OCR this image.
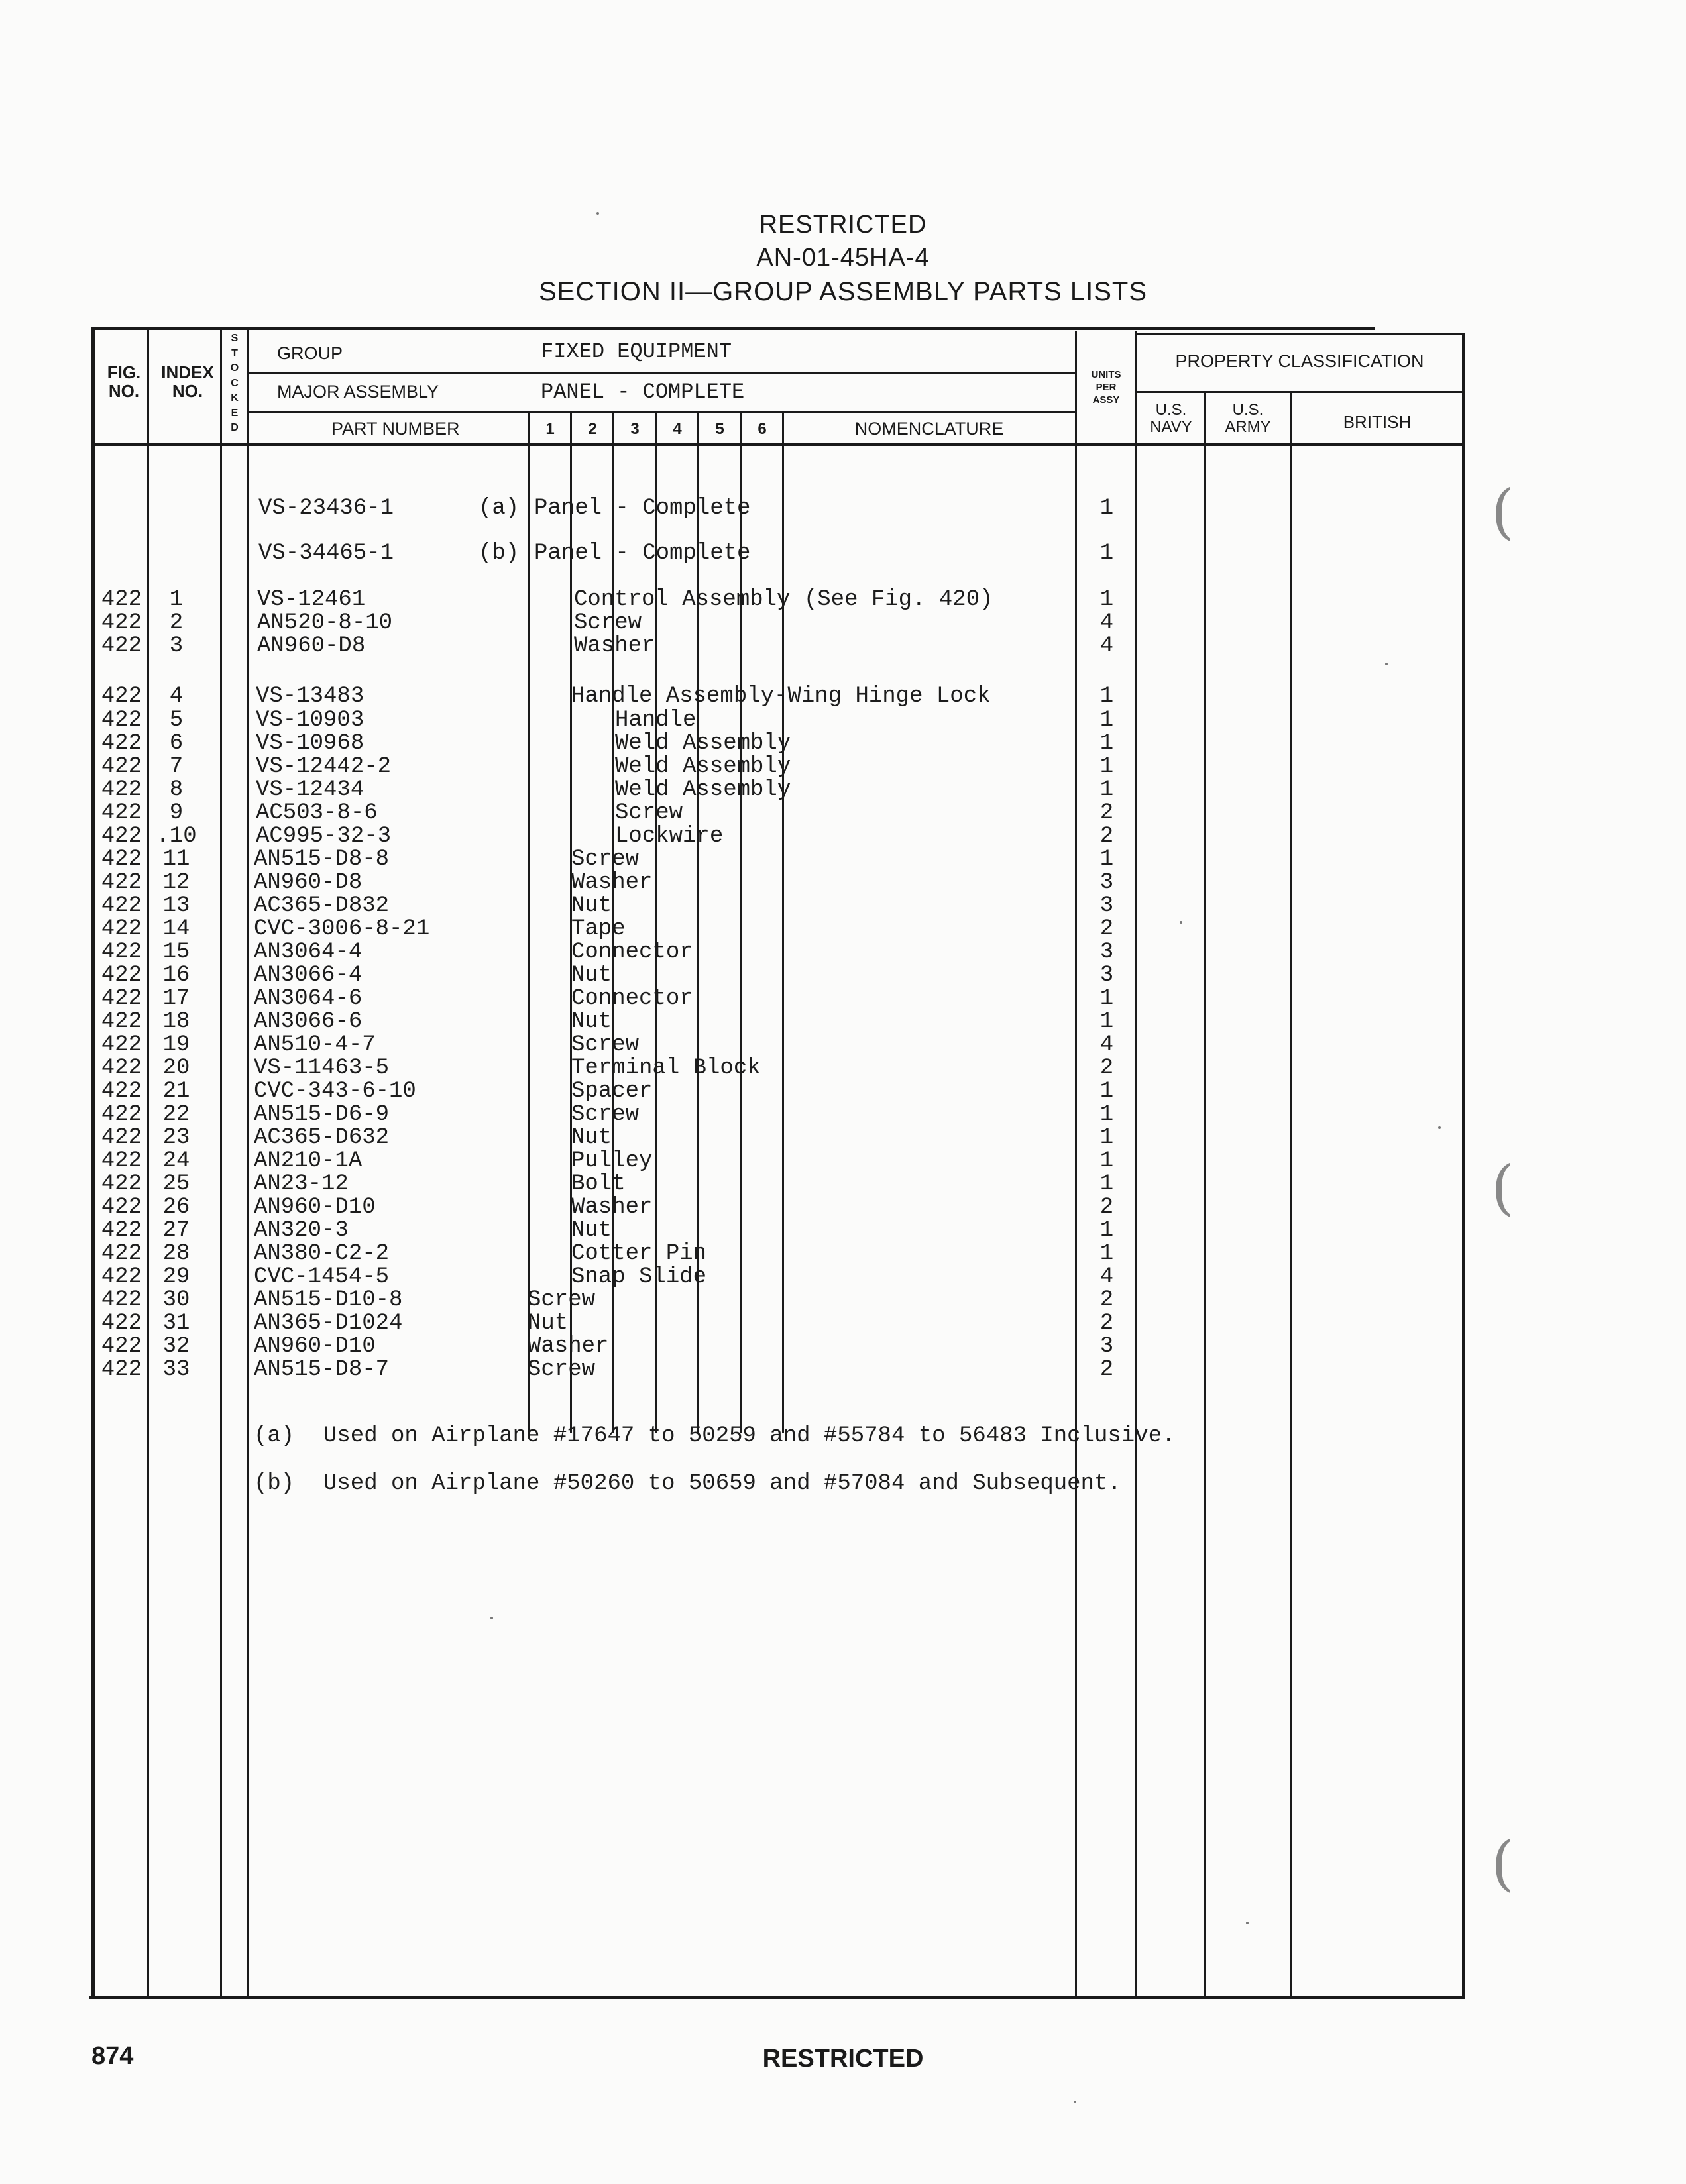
RESTRICTED
AN-01-45HA-4
SECTION II—GROUP ASSEMBLY PARTS LISTS
FIG.
NO.
INDEX
NO.
S
T
O
C
K
E
D
GROUP	FIXED EQUIPMENT
MAJOR ASSEMBLY	PANEL - COMPLETE
PART NUMBER	1	2	3	4	5	6	NOMENCLATURE
UNITS
PER
ASSY
PROPERTY CLASSIFICATION
U.S.
NAVY
U.S.
ARMY	BRITISH
VS-23436-1	(a) Panel - Complete	1
VS-34465-1	(b) Panel - Complete	1
422	1	VS-12461	Control Assembly (See Fig. 420)	1
422	2	AN520-8-10	Screw	4
422	3	AN960-D8	Washer	4
422	4	VS-13483	Handle Assembly-Wing Hinge Lock	1
422	5	VS-10903	Handle	1
422	6	VS-10968	Weld Assembly	1
422	7	VS-12442-2	Weld Assembly	1
422	8	VS-12434	Weld Assembly	1
422	9	AC503-8-6	Screw	2
422 .10	AC995-32-3	Lockwire	2
422 11	AN515-D8-8	Screw	1
422 12	AN960-D8	Washer	3
422 13	AC365-D832	Nut	3
422 14	CVC-3006-8-21	Tape	2
422 15	AN3064-4	Connector	3
422 16	AN3066-4	Nut	3
422 17	AN3064-6	Connector	1
422 18	AN3066-6	Nut	1
422 19	AN510-4-7	Screw	4
422 20	VS-11463-5	Terminal Block	2
422 21	CVC-343-6-10	Spacer	1
422 22	AN515-D6-9	Screw	1
422 23	AC365-D632	Nut	1
422 24	AN210-1A	Pulley	1
422 25	AN23-12	Bolt	1
422 26	AN960-D10	Washer	2
422 27	AN320-3	Nut	1
422 28	AN380-C2-2	Cotter Pin	1
422 29	CVC-1454-5	Snap Slide	4
422 30	AN515-D10-8	Screw	2
422 31	AN365-D1024	Nut	2
422 32	AN960-D10	Washer	3
422 33	AN515-D8-7	Screw	2
(a) Used on Airplane #17647 to 50259 and #55784 to 56483 Inclusive.
(b) Used on Airplane #50260 to 50659 and #57084 and Subsequent.
874	RESTRICTED
(
(
(
